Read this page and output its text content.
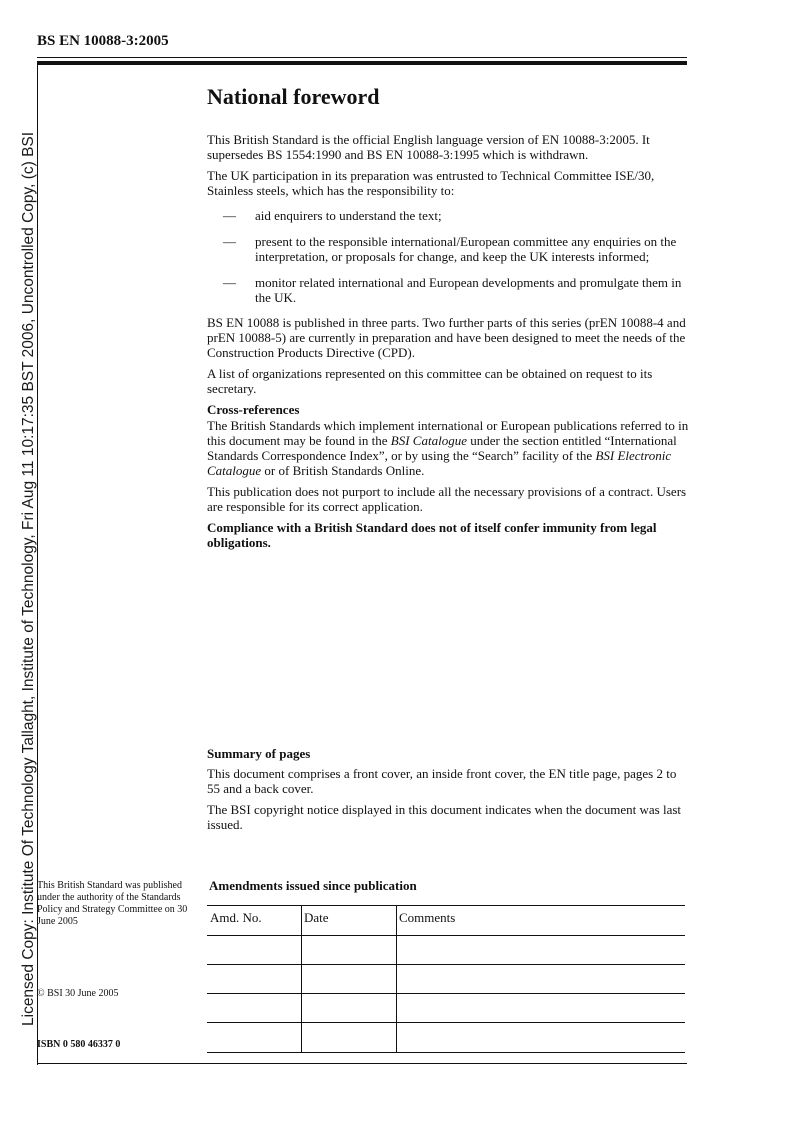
BS EN 10088-3:2005
Licensed Copy: Institute Of Technology Tallaght, Institute of Technology, Fri Aug 11 10:17:35 BST 2006, Uncontrolled Copy, (c) BSI
National foreword

This British Standard is the official English language version of EN 10088-3:2005. It supersedes BS 1554:1990 and BS EN 10088-3:1995 which is withdrawn.

The UK participation in its preparation was entrusted to Technical Committee ISE/30, Stainless steels, which has the responsibility to:

— aid enquirers to understand the text;
— present to the responsible international/European committee any enquiries on the interpretation, or proposals for change, and keep the UK interests informed;
— monitor related international and European developments and promulgate them in the UK.

BS EN 10088 is published in three parts. Two further parts of this series (prEN 10088-4 and prEN 10088-5) are currently in preparation and have been designed to meet the needs of the Construction Products Directive (CPD).

A list of organizations represented on this committee can be obtained on request to its secretary.

Cross-references

The British Standards which implement international or European publications referred to in this document may be found in the BSI Catalogue under the section entitled “International Standards Correspondence Index”, or by using the “Search” facility of the BSI Electronic Catalogue or of British Standards Online.

This publication does not purport to include all the necessary provisions of a contract. Users are responsible for its correct application.

Compliance with a British Standard does not of itself confer immunity from legal obligations.

Summary of pages

This document comprises a front cover, an inside front cover, the EN title page, pages 2 to 55 and a back cover.

The BSI copyright notice displayed in this document indicates when the document was last issued.

This British Standard was published under the authority of the Standards Policy and Strategy Committee on 30 June 2005
© BSI 30 June 2005
ISBN 0 580 46337 0
Amendments issued since publication
Amd. No.	Date	Comments
